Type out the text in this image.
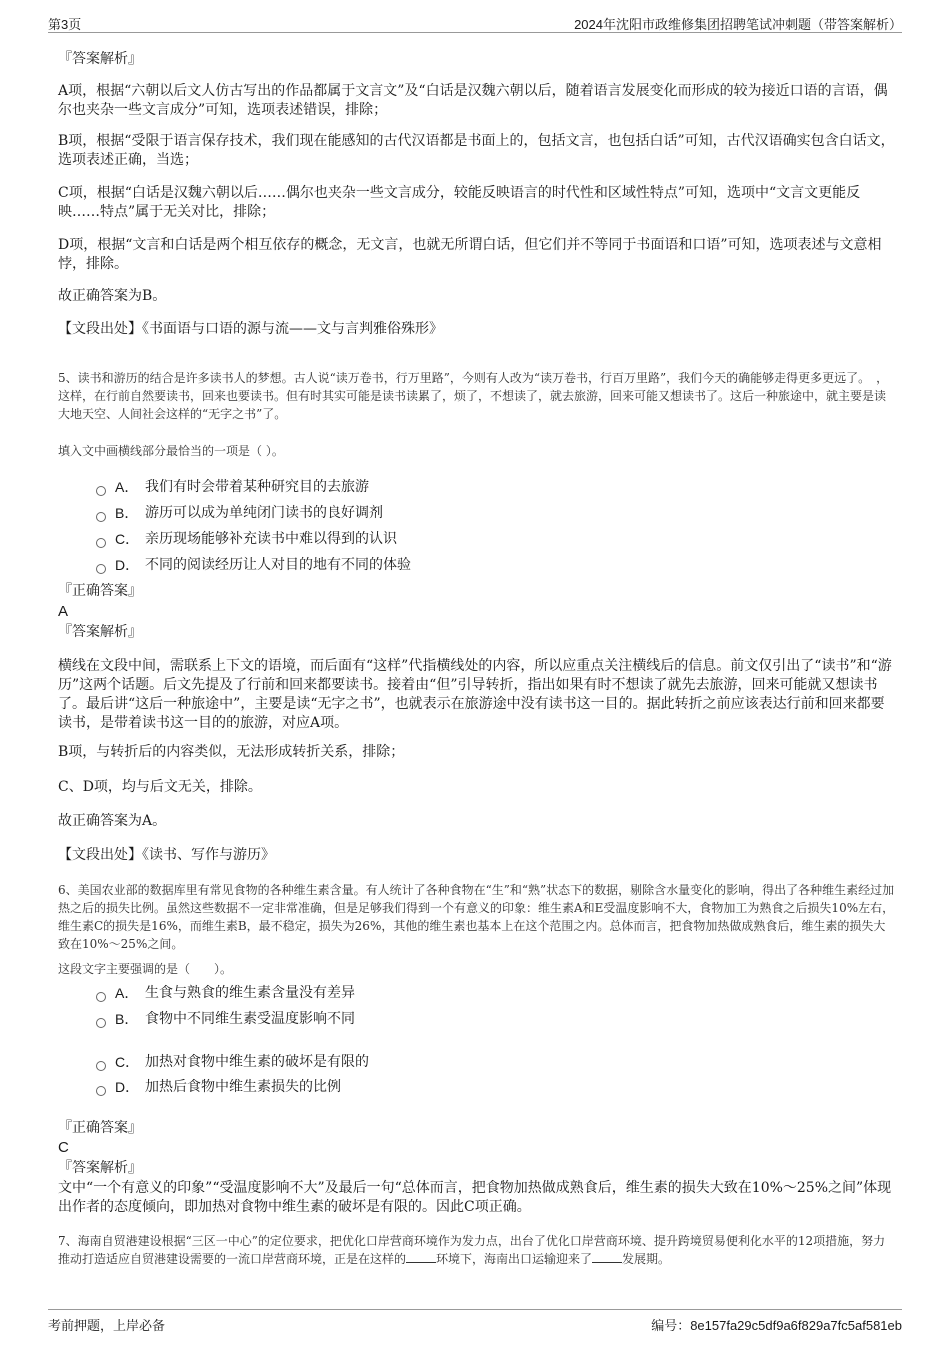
第3页	2024年沈阳市政维修集团招聘笔试冲刺题（带答案解析）
『答案解析』
A项，根据“六朝以后文人仿古写出的作品都属于文言文”及“白话是汉魏六朝以后，随着语言发展变化而形成的较为接近口语的言语，偶尔也夹杂一些文言成分”可知，选项表述错误，排除；
B项，根据“受限于语言保存技术，我们现在能感知的古代汉语都是书面上的，包括文言，也包括白话”可知，古代汉语确实包含白话文，选项表述正确，当选；
C项，根据“白话是汉魏六朝以后……偶尔也夹杂一些文言成分，较能反映语言的时代性和区域性特点”可知，选项中“文言文更能反映……特点”属于无关对比，排除；
D项，根据“文言和白话是两个相互依存的概念，无文言，也就无所谓白话，但它们并不等同于书面语和口语”可知，选项表述与文意相悖，排除。
故正确答案为B。
【文段出处】《书面语与口语的源与流——文与言判雅俗殊形》
5、读书和游历的结合是许多读书人的梦想。古人说“读万卷书，行万里路”，今则有人改为“读万卷书，行百万里路”，我们今天的确能够走得更多更远了。　，这样，在行前自然要读书，回来也要读书。但有时其实可能是读书读累了，烦了，不想读了，就去旅游，回来可能又想读书了。这后一种旅途中，就主要是读大地天空、人间社会这样的“无字之书”了。
填入文中画横线部分最恰当的一项是（ ）。
A． 我们有时会带着某种研究目的去旅游
B． 游历可以成为单纯闭门读书的良好调剂
C． 亲历现场能够补充读书中难以得到的认识
D． 不同的阅读经历让人对目的地有不同的体验
『正确答案』
A
『答案解析』
横线在文段中间，需联系上下文的语境，而后面有“这样”代指横线处的内容，所以应重点关注横线后的信息。前文仅引出了“读书”和“游历”这两个话题。后文先提及了行前和回来都要读书。接着由“但”引导转折，指出如果有时不想读了就先去旅游，回来可能就又想读书了。最后讲“这后一种旅途中”，主要是读“无字之书”，也就表示在旅游途中没有读书这一目的。据此转折之前应该表达行前和回来都要读书，是带着读书这一目的的旅游，对应A项。
B项，与转折后的内容类似，无法形成转折关系，排除；
C、D项，均与后文无关，排除。
故正确答案为A。
【文段出处】《读书、写作与游历》
6、美国农业部的数据库里有常见食物的各种维生素含量。有人统计了各种食物在“生”和“熟”状态下的数据，剔除含水量变化的影响，得出了各种维生素经过加热之后的损失比例。虽然这些数据不一定非常准确，但是足够我们得到一个有意义的印象：维生素A和E受温度影响不大，食物加工为熟食之后损失10%左右，维生素C的损失是16%，而维生素B，最不稳定，损失为26%，其他的维生素也基本上在这个范围之内。总体而言，把食物加热做成熟食后，维生素的损失大致在10%～25%之间。
这段文字主要强调的是（　　）。
A． 生食与熟食的维生素含量没有差异
B． 食物中不同维生素受温度影响不同
C． 加热对食物中维生素的破坏是有限的
D． 加热后食物中维生素损失的比例
『正确答案』
C
『答案解析』
文中“一个有意义的印象”“受温度影响不大”及最后一句“总体而言，把食物加热做成熟食后，维生素的损失大致在10%～25%之间”体现出作者的态度倾向，即加热对食物中维生素的破坏是有限的。因此C项正确。
7、海南自贸港建设根据“三区一中心”的定位要求，把优化口岸营商环境作为发力点，出台了优化口岸营商环境、提升跨境贸易便利化水平的12项措施，努力推动打造适应自贸港建设需要的一流口岸营商环境，正是在这样的	环境下，海南出口运输迎来了	发展期。
考前押题，上岸必备	编号：8e157fa29c5df9a6f829a7fc5af581eb
